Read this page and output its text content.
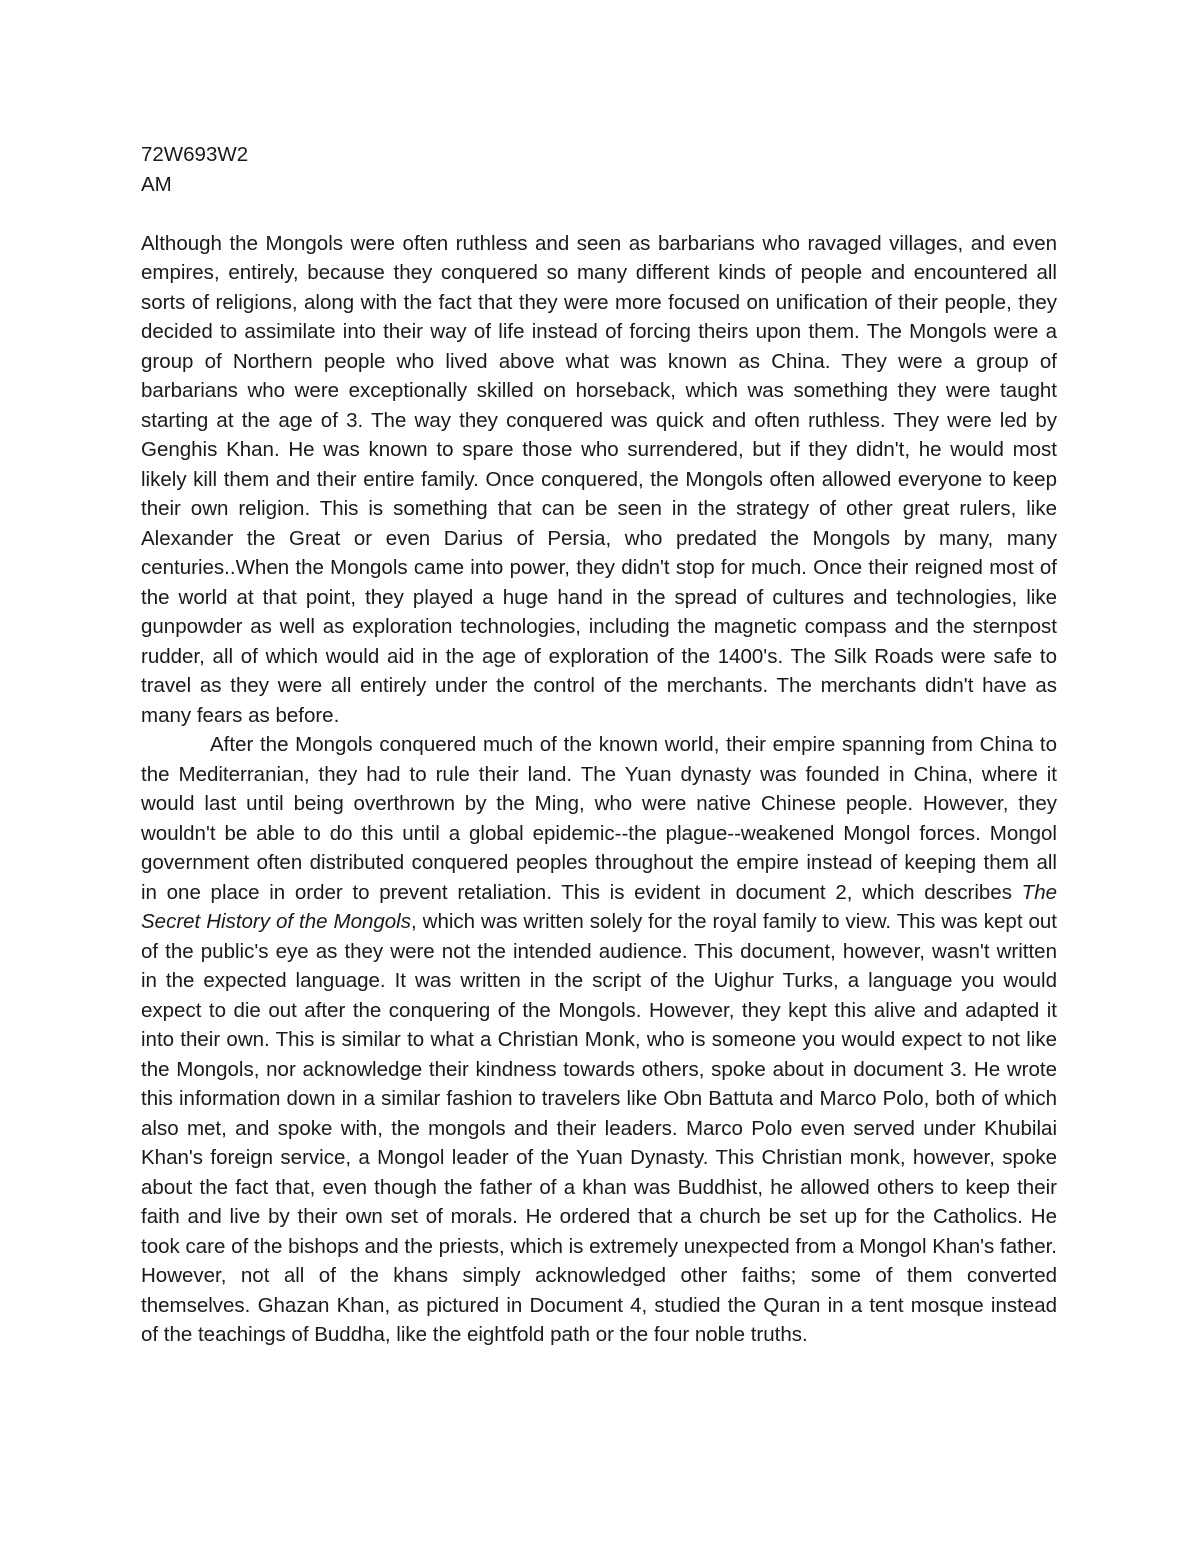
72W693W2

AM

Although the Mongols were often ruthless and seen as barbarians who ravaged villages, and even empires, entirely, because they conquered so many different kinds of people and encountered all sorts of religions, along with the fact that they were more focused on unification of their people, they decided to assimilate into their way of life instead of forcing theirs upon them. The Mongols were a group of Northern people who lived above what was known as China. They were a group of barbarians who were exceptionally skilled on horseback, which was something they were taught starting at the age of 3. The way they conquered was quick and often ruthless. They were led by Genghis Khan. He was known to spare those who surrendered, but if they didn't, he would most likely kill them and their entire family. Once conquered, the Mongols often allowed everyone to keep their own religion. This is something that can be seen in the strategy of other great rulers, like Alexander the Great or even Darius of Persia, who predated the Mongols by many, many centuries..When the Mongols came into power, they didn't stop for much. Once their reigned most of the world at that point, they played a huge hand in the spread of cultures and technologies, like gunpowder as well as exploration technologies, including the magnetic compass and the sternpost rudder, all of which would aid in the age of exploration of the 1400's. The Silk Roads were safe to travel as they were all entirely under the control of the merchants. The merchants didn't have as many fears as before.

After the Mongols conquered much of the known world, their empire spanning from China to the Mediterranian, they had to rule their land. The Yuan dynasty was founded in China, where it would last until being overthrown by the Ming, who were native Chinese people. However, they wouldn't be able to do this until a global epidemic--the plague--weakened Mongol forces. Mongol government often distributed conquered peoples throughout the empire instead of keeping them all in one place in order to prevent retaliation. This is evident in document 2, which describes The Secret History of the Mongols, which was written solely for the royal family to view. This was kept out of the public's eye as they were not the intended audience. This document, however, wasn't written in the expected language. It was written in the script of the Uighur Turks, a language you would expect to die out after the conquering of the Mongols. However, they kept this alive and adapted it into their own. This is similar to what a Christian Monk, who is someone you would expect to not like the Mongols, nor acknowledge their kindness towards others, spoke about in document 3. He wrote this information down in a similar fashion to travelers like Obn Battuta and Marco Polo, both of which also met, and spoke with, the mongols and their leaders. Marco Polo even served under Khubilai Khan's foreign service, a Mongol leader of the Yuan Dynasty. This Christian monk, however, spoke about the fact that, even though the father of a khan was Buddhist, he allowed others to keep their faith and live by their own set of morals. He ordered that a church be set up for the Catholics. He took care of the bishops and the priests, which is extremely unexpected from a Mongol Khan's father. However, not all of the khans simply acknowledged other faiths; some of them converted themselves. Ghazan Khan, as pictured in Document 4, studied the Quran in a tent mosque instead of the teachings of Buddha, like the eightfold path or the four noble truths.
